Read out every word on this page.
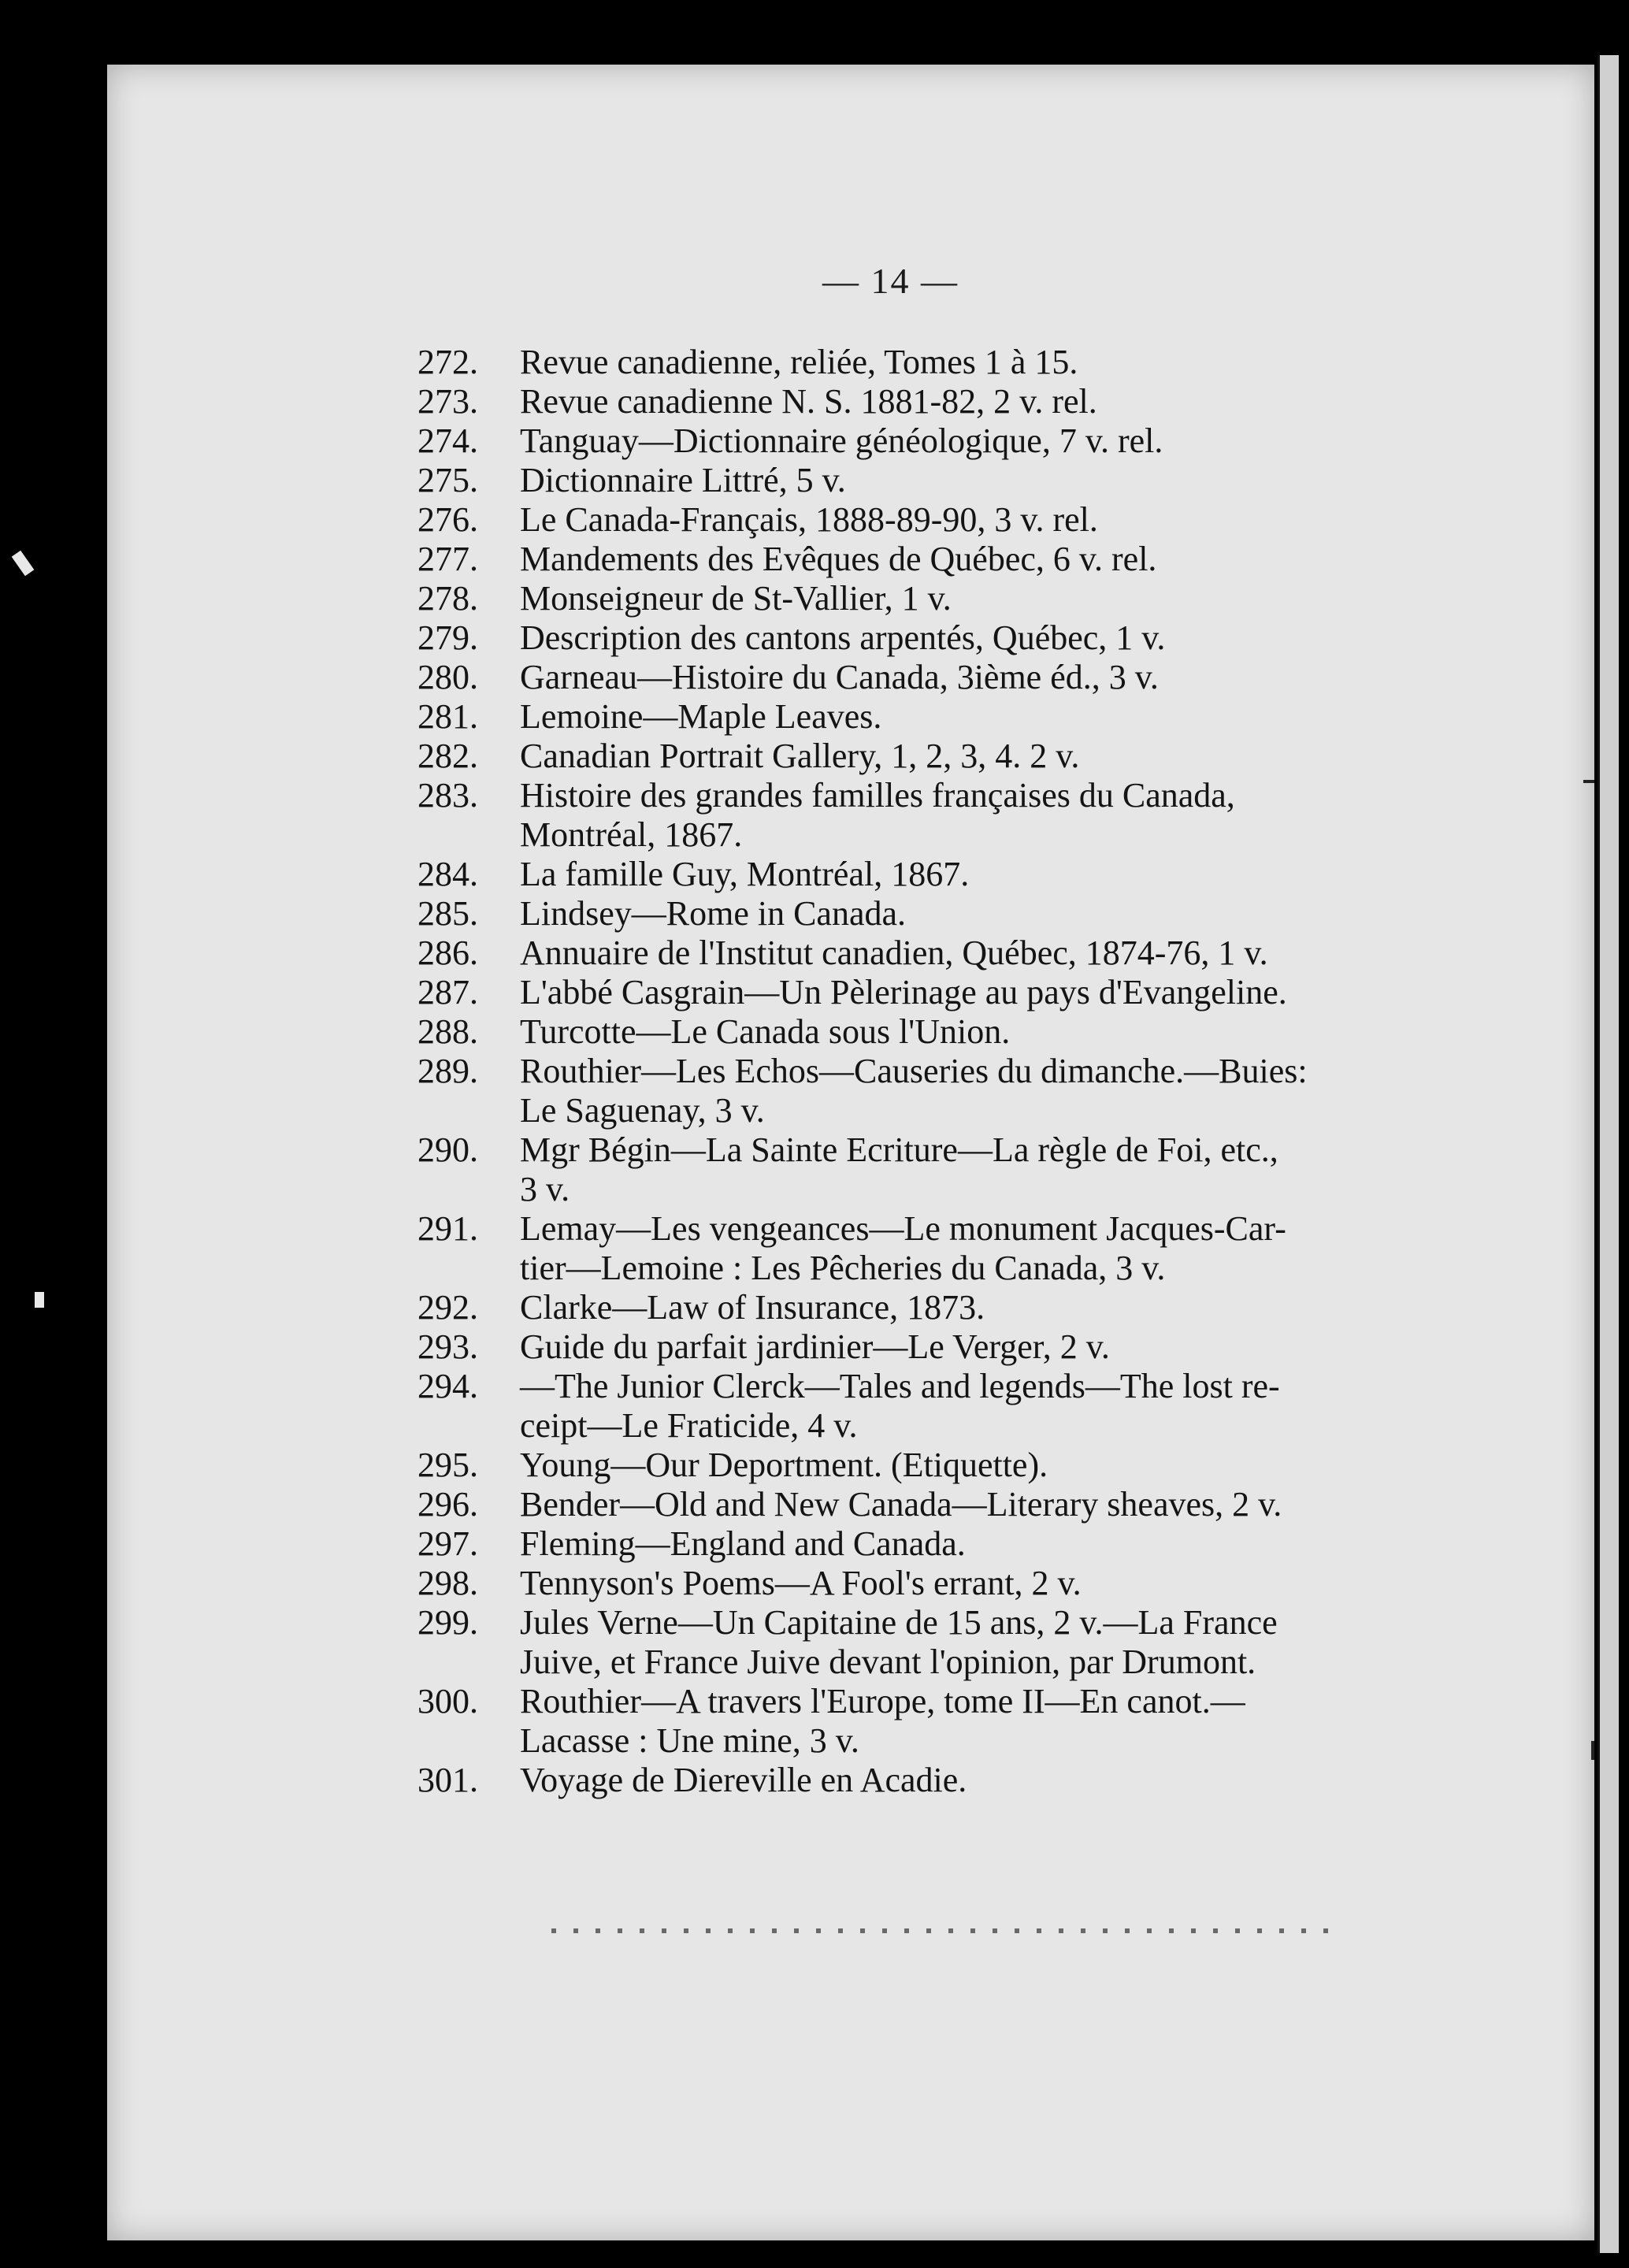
— 14 —
272.	Revue canadienne, reliée, Tomes 1 à 15.
273.	Revue canadienne N. S. 1881-82, 2 v. rel.
274.	Tanguay—Dictionnaire généologique, 7 v. rel.
275.	Dictionnaire Littré, 5 v.
276.	Le Canada-Français, 1888-89-90, 3 v. rel.
277.	Mandements des Evêques de Québec, 6 v. rel.
278.	Monseigneur de St-Vallier, 1 v.
279.	Description des cantons arpentés, Québec, 1 v.
280.	Garneau—Histoire du Canada, 3ième éd., 3 v.
281.	Lemoine—Maple Leaves.
282.	Canadian Portrait Gallery, 1, 2, 3, 4. 2 v.
283.	Histoire des grandes familles françaises du Canada,
Montréal, 1867.
284.	La famille Guy, Montréal, 1867.
285.	Lindsey—Rome in Canada.
286.	Annuaire de l'Institut canadien, Québec, 1874-76, 1 v.
287.	L'abbé Casgrain—Un Pèlerinage au pays d'Evangeline.
288.	Turcotte—Le Canada sous l'Union.
289.	Routhier—Les Echos—Causeries du dimanche.—Buies:
Le Saguenay, 3 v.
290.	Mgr Bégin—La Sainte Ecriture—La règle de Foi, etc.,
3 v.
291.	Lemay—Les vengeances—Le monument Jacques-Car-
tier—Lemoine : Les Pêcheries du Canada, 3 v.
292.	Clarke—Law of Insurance, 1873.
293.	Guide du parfait jardinier—Le Verger, 2 v.
294.	—The Junior Clerck—Tales and legends—The lost re-
ceipt—Le Fraticide, 4 v.
295.	Young—Our Deportment. (Etiquette).
296.	Bender—Old and New Canada—Literary sheaves, 2 v.
297.	Fleming—England and Canada.
298.	Tennyson's Poems—A Fool's errant, 2 v.
299.	Jules Verne—Un Capitaine de 15 ans, 2 v.—La France
Juive, et France Juive devant l'opinion, par Drumont.
300.	Routhier—A travers l'Europe, tome II—En canot.—
Lacasse : Une mine, 3 v.
301.	Voyage de Diereville en Acadie.
